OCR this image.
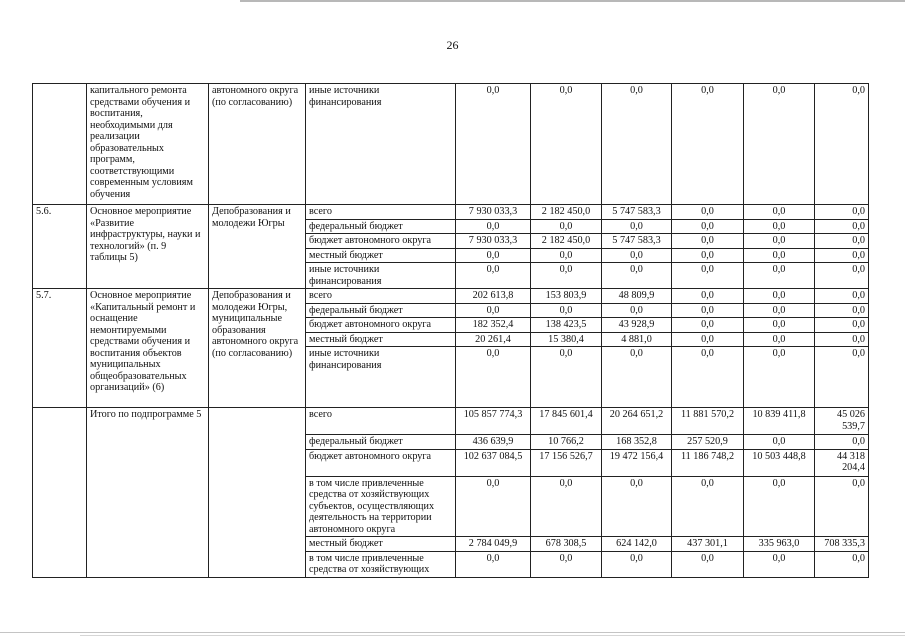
26
	капитального ремонта средствами обучения и воспитания, необходимыми для реализации образовательных программ, соответствующими современным условиям обучения	автономного округа (по согласованию)	иные источники финансирования	0,0	0,0	0,0	0,0	0,0	0,0
5.6.	Основное мероприятие «Развитие инфраструктуры, науки и технологий» (п. 9 таблицы 5)	Депобразования и молодежи Югры	всего	7 930 033,3	2 182 450,0	5 747 583,3	0,0	0,0	0,0
			федеральный бюджет	0,0	0,0	0,0	0,0	0,0	0,0
			бюджет автономного округа	7 930 033,3	2 182 450,0	5 747 583,3	0,0	0,0	0,0
			местный бюджет	0,0	0,0	0,0	0,0	0,0	0,0
			иные источники финансирования	0,0	0,0	0,0	0,0	0,0	0,0
5.7.	Основное мероприятие «Капитальный ремонт и оснащение немонтируемыми средствами обучения и воспитания объектов муниципальных общеобразовательных организаций» (6)	Депобразования и молодежи Югры, муниципальные образования автономного округа (по согласованию)	всего	202 613,8	153 803,9	48 809,9	0,0	0,0	0,0
			федеральный бюджет	0,0	0,0	0,0	0,0	0,0	0,0
			бюджет автономного округа	182 352,4	138 423,5	43 928,9	0,0	0,0	0,0
			местный бюджет	20 261,4	15 380,4	4 881,0	0,0	0,0	0,0
			иные источники финансирования	0,0	0,0	0,0	0,0	0,0	0,0
	Итого по подпрограмме 5		всего	105 857 774,3	17 845 601,4	20 264 651,2	11 881 570,2	10 839 411,8	45 026 539,7
			федеральный бюджет	436 639,9	10 766,2	168 352,8	257 520,9	0,0	0,0
			бюджет автономного округа	102 637 084,5	17 156 526,7	19 472 156,4	11 186 748,2	10 503 448,8	44 318 204,4
			в том числе привлеченные средства от хозяйствующих субъектов, осуществляющих деятельность на территории автономного округа	0,0	0,0	0,0	0,0	0,0	0,0
			местный бюджет	2 784 049,9	678 308,5	624 142,0	437 301,1	335 963,0	708 335,3
			в том числе привлеченные средства от хозяйствующих	0,0	0,0	0,0	0,0	0,0	0,0
